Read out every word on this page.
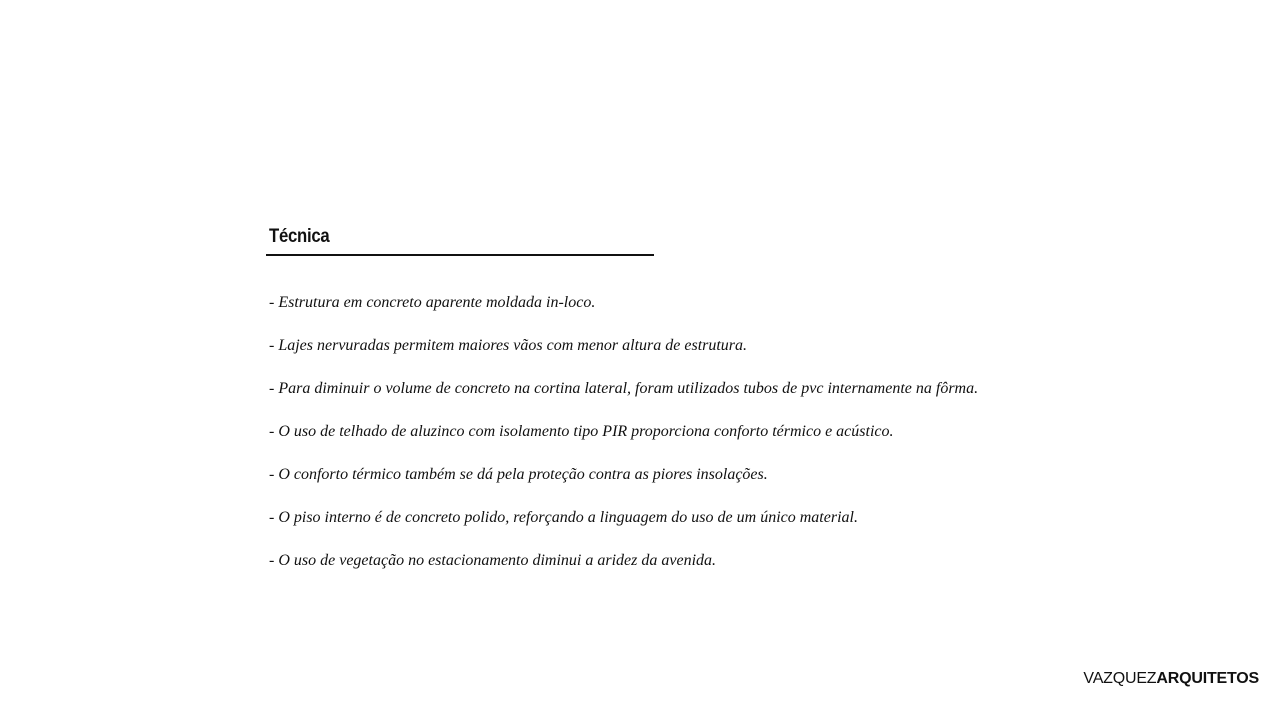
Técnica

- Estrutura em concreto aparente moldada in-loco.

- Lajes nervuradas permitem maiores vãos com menor altura de estrutura.

- Para diminuir o volume de concreto na cortina lateral, foram utilizados tubos de pvc internamente na fôrma.

- O uso de telhado de aluzinco com isolamento tipo PIR proporciona conforto térmico e acústico.

- O conforto térmico também se dá pela proteção contra as piores insolações.

- O piso interno é de concreto polido, reforçando a linguagem do uso de um único material.

- O uso de vegetação no estacionamento diminui a aridez da avenida.

VAZQUEZARQUITETOS
